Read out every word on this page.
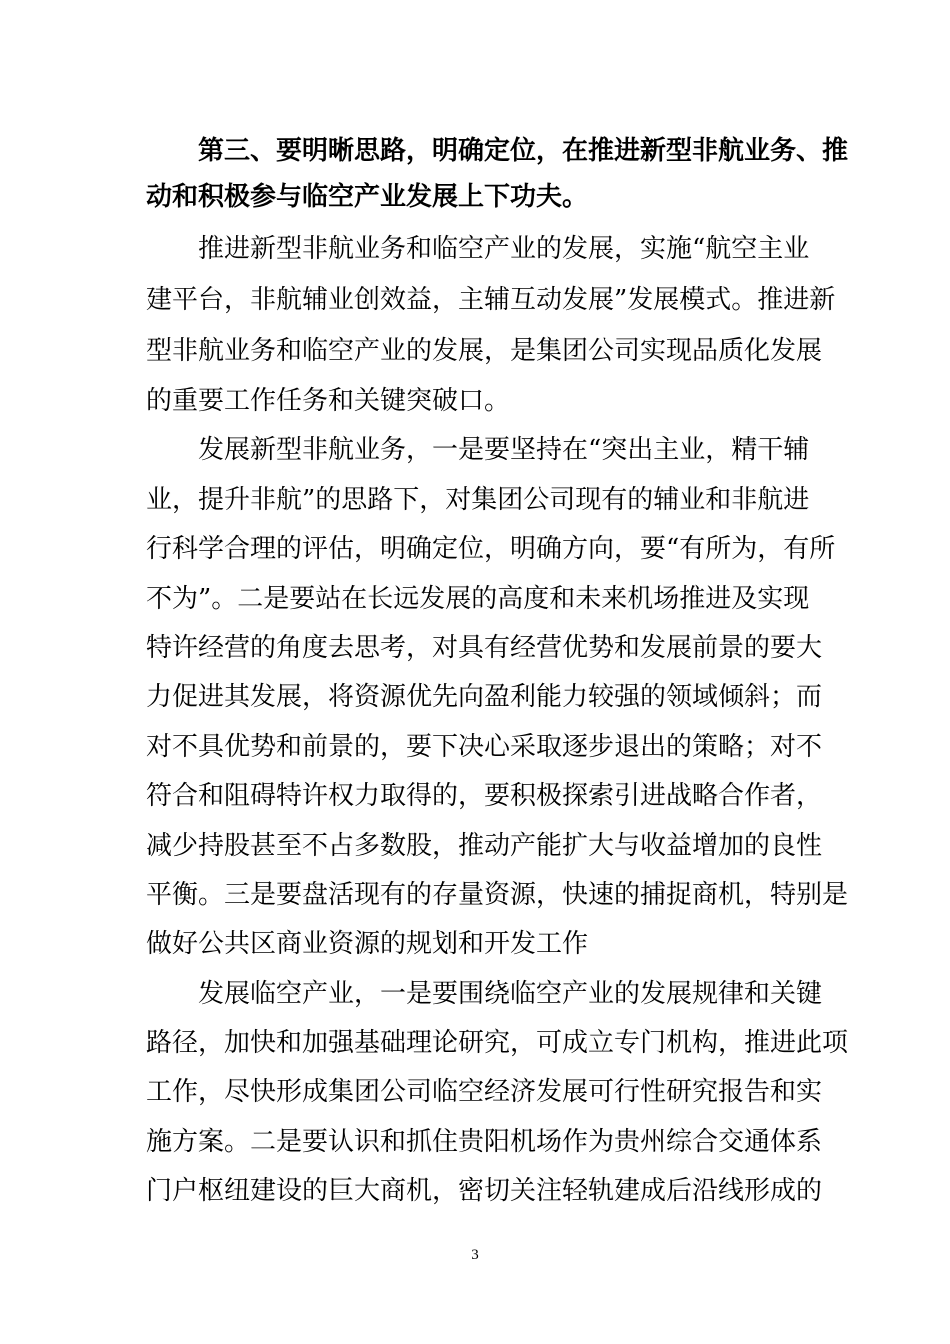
第三、要明晰思路，明确定位，在推进新型非航业务、推
动和积极参与临空产业发展上下功夫。
推进新型非航业务和临空产业的发展，实施“航空主业
建平台，非航辅业创效益，主辅互动发展”发展模式。推进新
型非航业务和临空产业的发展，是集团公司实现品质化发展
的重要工作任务和关键突破口。
发展新型非航业务，一是要坚持在“突出主业，精干辅
业，提升非航”的思路下，对集团公司现有的辅业和非航进
行科学合理的评估，明确定位，明确方向，要“有所为，有所
不为”。二是要站在长远发展的高度和未来机场推进及实现
特许经营的角度去思考，对具有经营优势和发展前景的要大
力促进其发展，将资源优先向盈利能力较强的领域倾斜；而
对不具优势和前景的，要下决心采取逐步退出的策略；对不
符合和阻碍特许权力取得的，要积极探索引进战略合作者，
减少持股甚至不占多数股，推动产能扩大与收益增加的良性
平衡。三是要盘活现有的存量资源，快速的捕捉商机，特别是
做好公共区商业资源的规划和开发工作
发展临空产业，一是要围绕临空产业的发展规律和关键
路径，加快和加强基础理论研究，可成立专门机构，推进此项
工作，尽快形成集团公司临空经济发展可行性研究报告和实
施方案。二是要认识和抓住贵阳机场作为贵州综合交通体系
门户枢纽建设的巨大商机，密切关注轻轨建成后沿线形成的
3
